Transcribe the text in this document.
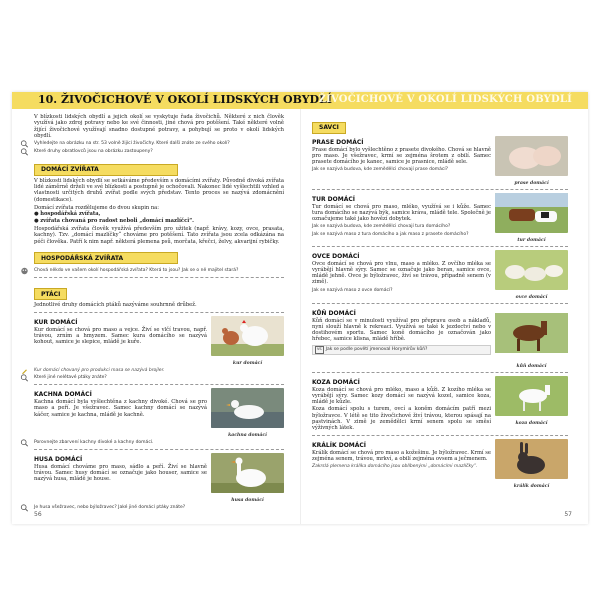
10. ŽIVOČICHOVÉ V OKOLÍ LIDSKÝCH OBYDLÍ
ŽIVOČICHOVÉ V OKOLÍ LIDSKÝCH OBYDLÍ

V blízkosti lidských obydlí a jejich okolí se vyskytuje řada živočichů. Některé z nich člověk využívá jako zdroj potravy nebo ke své činnosti, jiné chová pro potěšení. Také některé volně žijící živočichové využívají snadno dostupné potravy, a pohybují se proto v okolí lidských obydlí.

Vyhledejte na obrázku na str. 53 volně žijící živočichy. Které další znáte ze svého okolí?
Které druhy obratlovců jsou na obrázku zastoupeny?
DOMÁCÍ ZVÍŘATA

V blízkosti lidských obydlí se setkáváme především s domácími zvířaty. Původně divoká zvířata lidé záměrně drželi ve své blízkosti a postupně je ochočovali. Nakonec lidé vyšlechtili vzhled a vlastnosti určitých druhů zvířat podle svých představ. Tento proces se nazývá zdomácnění (domestikace).

Domácí zvířata rozdělujeme do dvou skupin na:

● hospodářská zvířata,
● zvířata chovaná pro radost neboli „domácí mazlíčci“.

Hospodářská zvířata člověk využívá především pro užitek (např. krávy, kozy, ovce, prasata, kachny). Tzv. „domácí mazlíčky“ chováme pro potěšení. Tato zvířata jsou zcela odkázána na péči člověka. Patří k nim např. některá plemena psů, morčata, křečci, želvy, akvarijní rybičky.

HOSPODÁŘSKÁ ZVÍŘATA
Chová někdo ve vašem okolí hospodářská zvířata? Která to jsou? Jak se o ně majitel stará?
PTÁCI

Jednotlivé druhy domácích ptáků nazýváme souhrnně drůbež.

KUR DOMÁCÍ

Kur domácí se chová pro maso a vejce. Živí se vlčí travou, např. trávou, zrním a hmyzem. Samec kura domácího se nazývá kohout, samice je slepice, mládě je kuře.

kur domácí
Kur domácí chovaný pro produkci masa se nazývá brojler.
Které jiné nelétavé ptáky znáte?
KACHNA DOMÁCÍ

Kachna domácí byla vyšlechtěna z kachny divoké. Chová se pro maso a peří. Je všežravec. Samec kachny domácí se nazývá káčer, samice je kachna, mládě je kachně.

kachna domácí
Porovnejte zbarvení kachny divoké a kachny domácí.
HUSA DOMÁCÍ

Husa domácí chováme pro maso, sádlo a peří. Živí se hlavně trávou. Samec husy domácí se označuje jako houser, samice se nazývá husa, mládě je house.

husa domácí
Je husa všežravec, nebo býložravec? Jaké jiné domácí ptáky znáte?
56
SAVCI
PRASE DOMÁCÍ

Prase domácí bylo vyšlechtěno z prasete divokého. Chová se hlavně pro maso. Je všežravec, krmí se zejména šrotem z obilí. Samec prasete domácího je kanec, samice je prasnice, mládě sele.

Jak se nazývá budova, kde zemědělci chovají prase domácí?
prase domácí
TUR DOMÁCÍ

Tur domácí se chová pro maso, mléko, využívá se i kůže. Samec tura domácího se nazývá býk, samice kráva, mládě tele. Společně je označujeme také jako hovězí dobytek.

Jak se nazývá budova, kde zemědělci chovají tura domácího?
Jak se nazývá maso z tura domácího a jak maso z prasete domácího?
tur domácí
OVCE DOMÁCÍ

Ovce domácí se chová pro vlnu, maso a mléko. Z ovčího mléka se vyrábějí hlavně sýry. Samec se označuje jako beran, samice ovce, mládě jehně. Ovce je býložravec, živí se trávou, případně senem (v zimě).

Jak se nazývá maso z ovce domácí?
ovce domácí
KŮŇ DOMÁCÍ

Kůň domácí se v minulosti využíval pro přepravu osob a nákladů, nyní slouží hlavně k rekreaci. Využívá se také k jezdectví nebo v dostihovém sportu. Samec koně domácího je označován jako hřebec, samice klisna, mládě hříbě.

VS Jak se podle povětí jmenoval Horymírův kůň?
kůň domácí
KOZA DOMÁCÍ

Koza domácí se chová pro mléko, maso a kůži. Z kozího mléka se vyrábějí sýry. Samec kozy domácí se nazývá kozel, samice koza, mládě je kůzle.

Koza domácí spolu s turem, ovcí a koněm domácím patří mezi býložravce. V létě se tito živočichové živí trávou, kterou spásají na pastvinách. V zimě je zemědělci krmí senem spolu se směsí výživných látek.

koza domácí
KRÁLÍK DOMÁCÍ

Králík domácí se chová pro maso a kožešinu. Je býložravec. Krmí se zejména senem, trávou, mrkví, a obilí zejména ovsem a ječmenem.

Zakrslá plemena králíka domácího jsou oblíbenými „domácími mazlíčky“.
králík domácí
57
